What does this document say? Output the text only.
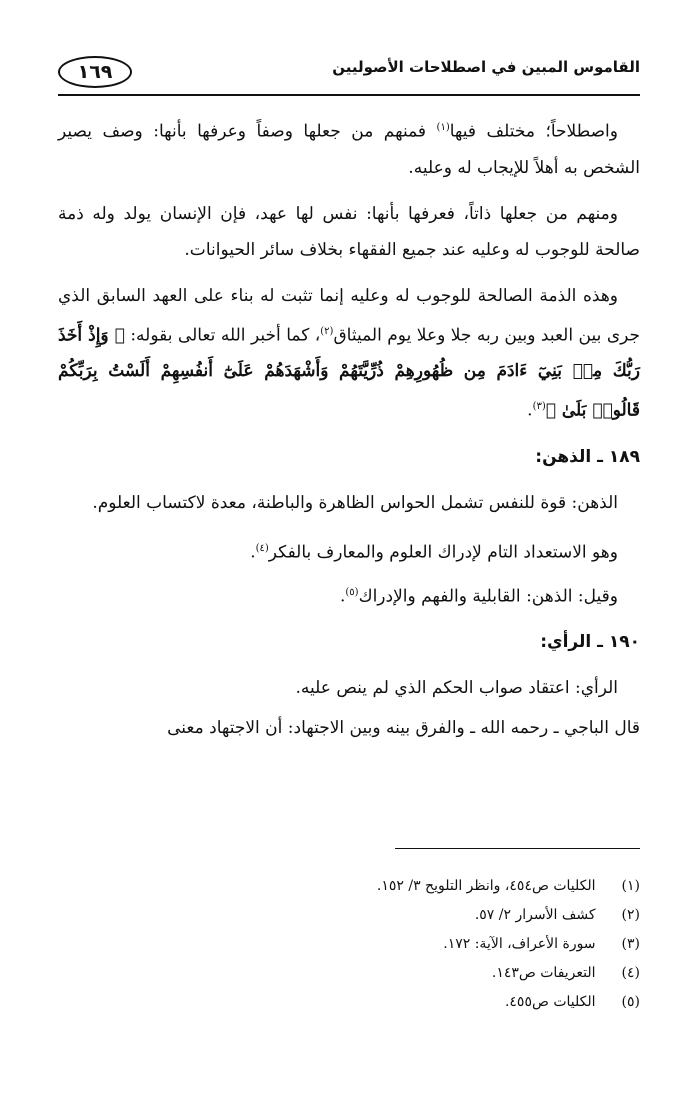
١٦٩	القاموس المبين في اصطلاحات الأصوليين

واصطلاحاً؛ مختلف فيها$^{(١)}$ فمنهم من جعلها وصفاً وعرفها بأنها: وصف يصير الشخص به أهلاً للإيجاب له وعليه.

ومنهم من جعلها ذاتاً، فعرفها بأنها: نفس لها عهد، فإن الإنسان يولد وله ذمة صالحة للوجوب له وعليه عند جميع الفقهاء بخلاف سائر الحيوانات.

وهذه الذمة الصالحة للوجوب له وعليه إنما تثبت له بناء على العهد السابق الذي جرى بين العبد وبين ربه جلا وعلا يوم الميثاق$^{(٢)}$، كما أخبر الله تعالى بقوله: ﴿ وَإِذْ أَخَذَ رَبُّكَ مِنۢ بَنِيٓ ءَادَمَ مِن ظُهُورِهِمْ ذُرِّيَّتَهُمْ وَأَشْهَدَهُمْ عَلَىٰٓ أَنفُسِهِمْ أَلَسْتُ بِرَبِّكُمْ قَالُوا۟ بَلَىٰ ﴾$^{(٣)}$.

١٨٩ ـ الذهن:

الذهن: قوة للنفس تشمل الحواس الظاهرة والباطنة، معدة لاكتساب العلوم.

وهو الاستعداد التام لإدراك العلوم والمعارف بالفكر$^{(٤)}$.

وقيل: الذهن: القابلية والفهم والإدراك$^{(٥)}$.

١٩٠ ـ الرأي:

الرأي: اعتقاد صواب الحكم الذي لم ينص عليه.

قال الباجي ـ رحمه الله ـ والفرق بينه وبين الاجتهاد: أن الاجتهاد معنى

(١) الكليات ص٤٥٤، وانظر التلويح ٣/ ١٥٢.
(٢) كشف الأسرار ٢/ ٥٧.
(٣) سورة الأعراف، الآية: ١٧٢.
(٤) التعريفات ص١٤٣.
(٥) الكليات ص٤٥٥.
